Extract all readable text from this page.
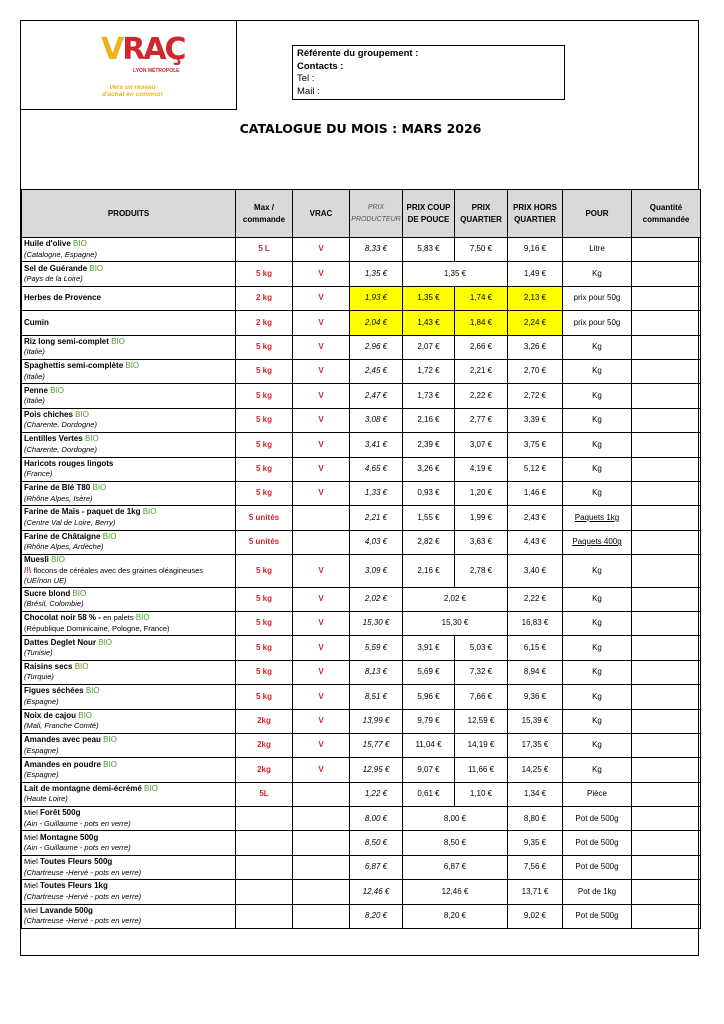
VRAÇ
LYON MÉTROPOLE
Vers un réseau
d'achat en commun
Référente du groupement :
Contacts :
Tel :
Mail :
CATALOGUE DU MOIS : MARS 2026
PRODUITS	Max / commande	VRAC	PRIX PRODUCTEUR	PRIX COUP DE POUCE	PRIX QUARTIER	PRIX HORS QUARTIER	POUR	Quantité commandée

Huile d'olive BIO
(Catalogne, Espagne)	5 L	V	8,33 €	5,83 €	7,50 €	9,16 €	Litre	

Sel de Guérande BIO
(Pays de la Loire)	5 kg	V	1,35 €	1,35 €		1,49 €	Kg	

Herbes de Provence	2 kg	V	1,93 €	1,35 €	1,74 €	2,13 €	prix pour 50g	

Cumin	2 kg	V	2,04 €	1,43 €	1,84 €	2,24 €	prix pour 50g	

Riz long semi-complet BIO
(Italie)	5 kg	V	2,96 €	2,07 €	2,66 €	3,26 €	Kg	

Spaghettis semi-complète BIO
(Italie)	5 kg	V	2,45 €	1,72 €	2,21 €	2,70 €	Kg	

Penne BIO
(Italie)	5 kg	V	2,47 €	1,73 €	2,22 €	2,72 €	Kg	

Pois chiches BIO
(Charente, Dordogne)	5 kg	V	3,08 €	2,16 €	2,77 €	3,39 €	Kg	

Lentilles Vertes BIO
(Charente, Dordogne)	5 kg	V	3,41 €	2,39 €	3,07 €	3,75 €	Kg	

Haricots rouges lingots
(France)	5 kg	V	4,65 €	3,26 €	4,19 €	5,12 €	Kg	

Farine de Blé T80 BIO
(Rhône Alpes, Isère)	5 kg	V	1,33 €	0,93 €	1,20 €	1,46 €	Kg	

Farine de Maïs - paquet de 1kg BIO
(Centre Val de Loire, Berry)	5 unités		2,21 €	1,55 €	1,99 €	2,43 €	Paquets 1kg	

Farine de Châtaigne BIO
(Rhône Alpes, Ardèche)	5 unités		4,03 €	2,82 €	3,63 €	4,43 €	Paquets 400g	

Muesli BIO
/!\ flocons de céréales avec des graines oléagineuses
(UE/non UE)	5 kg	V	3,09 €	2,16 €	2,78 €	3,40 €	Kg	

Sucre blond BIO
(Brésil, Colombie)	5 kg	V	2,02 €	2,02 €		2,22 €	Kg	

Chocolat noir 58 % - en palets BIO
(République Dominicaine, Pologne, France)	5 kg	V	15,30 €	15,30 €		16,83 €	Kg	

Dattes Deglet Nour BIO
(Tunisie)	5 kg	V	5,59 €	3,91 €	5,03 €	6,15 €	Kg	

Raisins secs BIO
(Turquie)	5 kg	V	8,13 €	5,69 €	7,32 €	8,94 €	Kg	

Figues séchées BIO
(Espagne)	5 kg	V	8,51 €	5,96 €	7,66 €	9,36 €	Kg	

Noix de cajou BIO
(Mali, Franche Comté)	2kg	V	13,99 €	9,79 €	12,59 €	15,39 €	Kg	

Amandes avec peau BIO
(Espagne)	2kg	V	15,77 €	11,04 €	14,19 €	17,35 €	Kg	

Amandes en poudre BIO
(Espagne)	2kg	V	12,95 €	9,07 €	11,66 €	14,25 €	Kg	

Lait de montagne demi-écrémé BIO
(Haute Loire)	5L		1,22 €	0,61 €	1,10 €	1,34 €	Pièce	

Miel Forêt 500g
(Ain - Guillaume - pots en verre)			8,00 €	8,00 €		8,80 €	Pot de 500g	

Miel Montagne 500g
(Ain - Guillaume - pots en verre)			8,50 €	8,50 €		9,35 €	Pot de 500g	

Miel Toutes Fleurs 500g
(Chartreuse -Hervé - pots en verre)			6,87 €	6,87 €		7,56 €	Pot de 500g	

Miel Toutes Fleurs 1kg
(Chartreuse -Hervé - pots en verre)			12,46 €	12,46 €		13,71 €	Pot de 1kg	

Miel Lavande 500g
(Chartreuse -Hervé - pots en verre)			8,20 €	8,20 €		9,02 €	Pot de 500g	
